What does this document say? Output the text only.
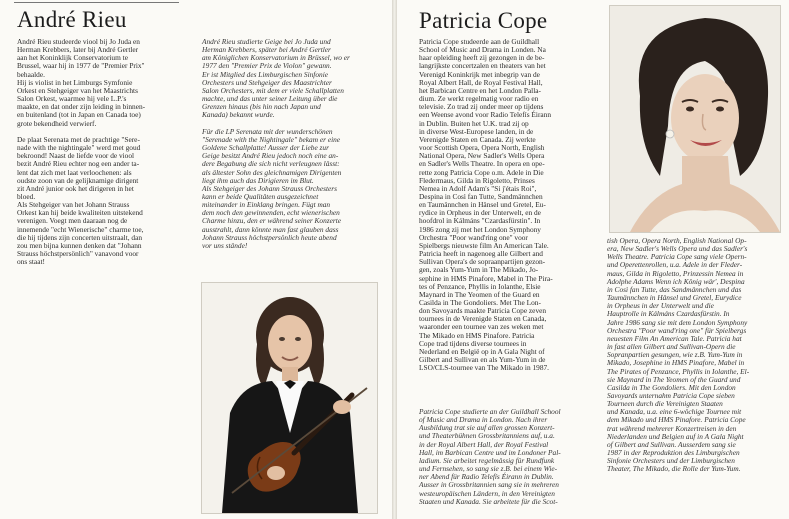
André Rieu

André Rieu studeerde viool bij Jo Juda en
Herman Krebbers, later bij André Gertler
aan het Koninklijk Conservatorium te
Brussel, waar hij in 1977 de "Premier Prix"
behaalde.
Hij is violist in het Limburgs Symfonie
Orkest en Stehgeiger van het Maastrichts
Salon Orkest, waarmee hij vele L.P.'s
maakte, en dat onder zijn leiding in binnen-
en buitenland (tot in Japan en Canada toe)
grote bekendheid verwierf.

De plaat Serenata met de prachtige "Sere-
nade with the nightingale" werd met goud
bekroond! Naast de liefde voor de viool
bezit André Rieu echter nog een ander ta-
lent dat zich met laat verloochenen: als
oudste zoon van de gelijknamige dirigent
zit André junior ook het dirigeren in het
bloed.
Als Stehgeiger van het Johann Strauss
Orkest kan hij beide kwaliteiten uitstekend
verenigen. Voegt men daaraan nog de
innemende "echt Wienerische" charme toe,
die hij tijdens zijn concerten uitstraalt, dan
zou men bijna kunnen denken dat "Johann
Strauss höchstpersönlich" vanavond voor
ons staat!

André Rieu studierte Geige bei Jo Juda und
Herman Krebbers, später bei André Gertler
am Königlichen Konservatorium in Brüssel, wo er
1977 den "Premier Prix de Violon" gewann.
Er ist Mitglied des Limburgischen Sinfonie
Orchesters und Stehgeiger des Maastrichter
Salon Orchesters, mit dem er viele Schallplatten
machte, und das unter seiner Leitung über die
Grenzen hinaus (bis hin nach Japan und
Kanada) bekannt wurde.

Für die LP Serenata mit der wunderschönen
"Serenade with the Nightingale" bekam er eine
Goldene Schallplatte! Ausser der Liebe zur
Geige besitzt André Rieu jedoch noch eine an-
dere Begabung die sich nicht verleugnen lässt:
als ältester Sohn des gleichnamigen Dirigenten
liegt ihm auch das Dirigieren im Blut.
Als Stehgeiger des Johann Strauss Orchesters
kann er beide Qualitäten ausgezeichnet
miteinander in Einklang bringen. Fügt man
dem noch den gewinnenden, echt wienerischen
Charme hinzu, den er während seiner Konzerte
ausstrahlt, dann könnte man fast glauben dass
Johann Strauss höchstpersönlich heute abend
vor uns stände!

Patricia Cope

Patricia Cope studeerde aan de Guildhall
School of Music and Drama in Londen. Na
haar opleiding heeft zij gezongen in de be-
langrijkste concertzalen en theaters van het
Verenigd Koninkrijk met inbegrip van de
Royal Albert Hall, de Royal Festival Hall,
het Barbican Centre en het London Palla-
dium. Ze werkt regelmatig voor radio en
televisie. Zo trad zij onder meer op tijdens
een Weense avond voor Radio Telefís Éirann
in Dublin. Buiten het U.K. trad zij op
in diverse West-Europese landen, in de
Verenigde Staten en Canada. Zij werkte
voor Scottish Opera, Opera North, English
National Opera, New Sadler's Wells Opera
en Sadler's Wells Theatre. In opera en ope-
rette zong Patricia Cope o.m. Adele in Die
Fledermaus, Gilda in Rigoletto, Prinses
Nemea in Adolf Adam's "Si j'étais Roi",
Despina in Così fan Tutte, Sandmännchen
en Taumännchen in Hänsel und Gretel, Eu-
rydice in Orpheus in der Unterwelt, en de
hoofdrol in Kálmáns "Czardasfürstin". In
1986 zong zij met het London Symphony
Orchestra "Poor wand'ring one" voor
Spielbergs nieuwste film An American Tale.
Patricia heeft in nagenoeg alle Gilbert and
Sullivan Opera's de sopraanpartijen gezon-
gen, zoals Yum-Yum in The Mikado, Jo-
sephine in HMS Pinafore, Mabel in The Pira-
tes of Penzance, Phyllis in Iolanthe, Elsie
Maynard in The Yeomen of the Guard en
Casilda in The Gondoliers. Met The Lon-
don Savoyards maakte Patricia Cope zeven
tournees in de Verenigde Staten en Canada,
waaronder een tournee van zes weken met
The Mikado en HMS Pinafore. Patricia
Cope trad tijdens diverse tournees in
Nederland en België op in A Gala Night of
Gilbert and Sullivan en als Yum-Yum in de
LSO/CLS-tournee van The Mikado in 1987.

Patricia Cope studierte an der Guildhall School
of Music and Drama in London. Nach ihrer
Ausbildung trat sie auf allen grossen Konzert-
und Theaterbühnen Grossbritanniens auf, u.a.
in der Royal Albert Hall, der Royal Festival
Hall, im Barbican Centre und im Londoner Pal-
ladium. Sie arbeitet regelmässig für Rundfunk
und Fernsehen, so sang sie z.B. bei einem Wie-
ner Abend für Radio Telefís Éirann in Dublin.
Ausser in Grossbritannien sang sie in mehreren
westeuropäischen Ländern, in den Vereinigten
Staaten und Kanada. Sie arbeitete für die Scot-

tish Opera, Opera North, English National Op-
era, New Sadler's Wells Opera und das Sadler's
Wells Theatre. Patricia Cope sang viele Opern-
und Operettenrollen, u.a. Adele in der Fleder-
maus, Gilda in Rigoletto, Prinzessin Nemea in
Adolphe Adams Wenn ich König wär', Despina
in Così fan Tutte, das Sandmännchen und das
Taumännchen in Hänsel und Gretel, Eurydice
in Orpheus in der Unterwelt und die
Hauptrolle in Kálmáns Czardasfürstin. In
Jahre 1986 sang sie mit dem London Symphony
Orchestra "Poor wand'ring one" für Spielbergs
neuesten Film An American Tale. Patricia hat
in fast allen Gilbert and Sullivan-Opern die
Sopranpartien gesungen, wie z.B. Yum-Yum in
Mikado, Josephine in HMS Pinafore, Mabel in
The Pirates of Penzance, Phyllis in Iolanthe, El-
sie Maynard in The Yeomen of the Guard und
Casilda in The Gondoliers. Mit den London
Savoyards unternahm Patricia Cope sieben
Tourneen durch die Vereinigten Staaten
und Kanada, u.a. eine 6-wöchige Tournee mit
dem Mikado und HMS Pinafore. Patricia Cope
trat während mehrerer Konzertreisen in den
Niederlanden und Belgien auf in A Gala Night
of Gilbert and Sullivan. Ausserdem sang sie
1987 in der Reproduktion des Limburgischen
Sinfonie Orchesters und der Limburgischen
Theater, The Mikado, die Rolle der Yum-Yum.
